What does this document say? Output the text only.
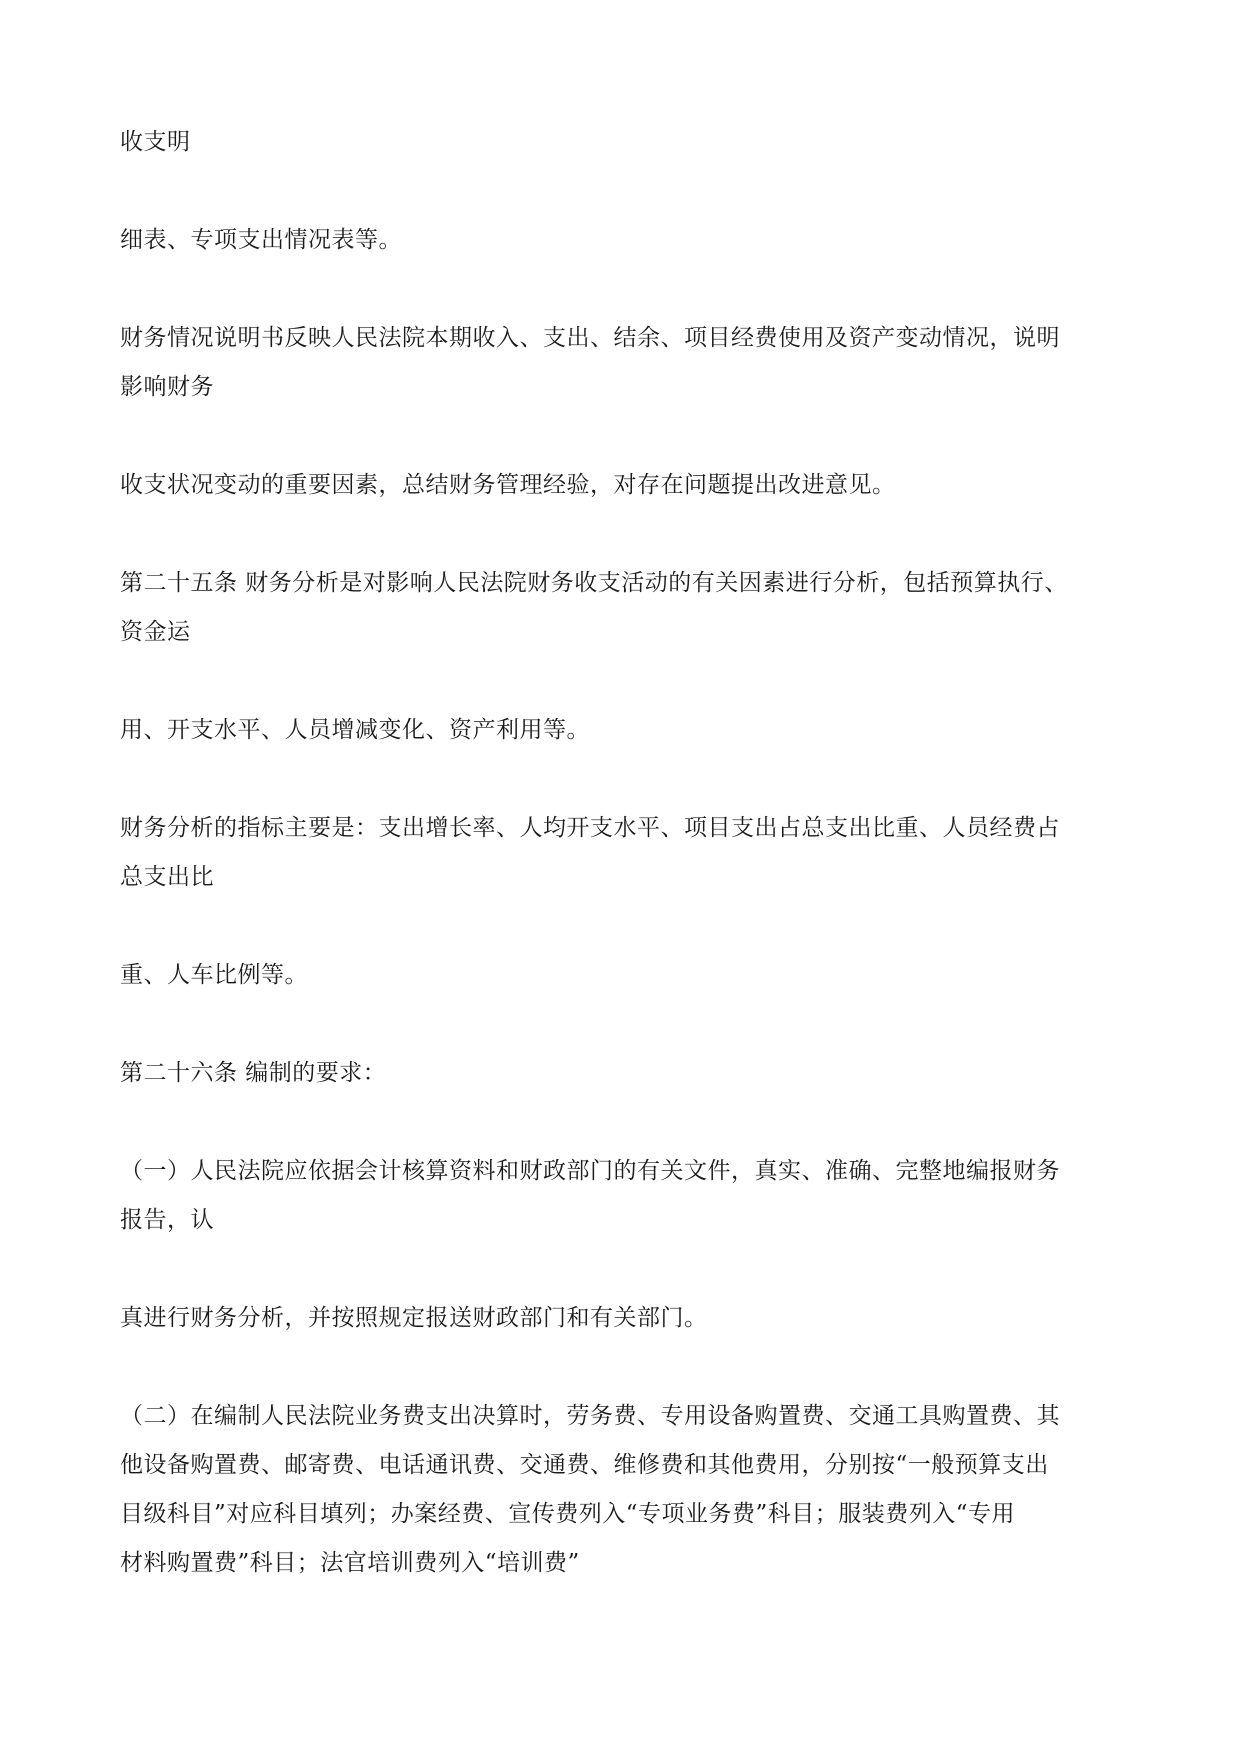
收支明

细表、专项支出情况表等。

财务情况说明书反映人民法院本期收入、支出、结余、项目经费使用及资产变动情况，说明
影响财务

收支状况变动的重要因素，总结财务管理经验，对存在问题提出改进意见。

第二十五条 财务分析是对影响人民法院财务收支活动的有关因素进行分析，包括预算执行、
资金运

用、开支水平、人员增减变化、资产利用等。

财务分析的指标主要是：支出增长率、人均开支水平、项目支出占总支出比重、人员经费占
总支出比

重、人车比例等。

第二十六条 编制的要求：

（一）人民法院应依据会计核算资料和财政部门的有关文件，真实、准确、完整地编报财务
报告，认

真进行财务分析，并按照规定报送财政部门和有关部门。

（二）在编制人民法院业务费支出决算时，劳务费、专用设备购置费、交通工具购置费、其
他设备购置费、邮寄费、电话通讯费、交通费、维修费和其他费用，分别按“一般预算支出
目级科目”对应科目填列；办案经费、宣传费列入“专项业务费”科目；服装费列入“专用
材料购置费”科目；法官培训费列入“培训费”
